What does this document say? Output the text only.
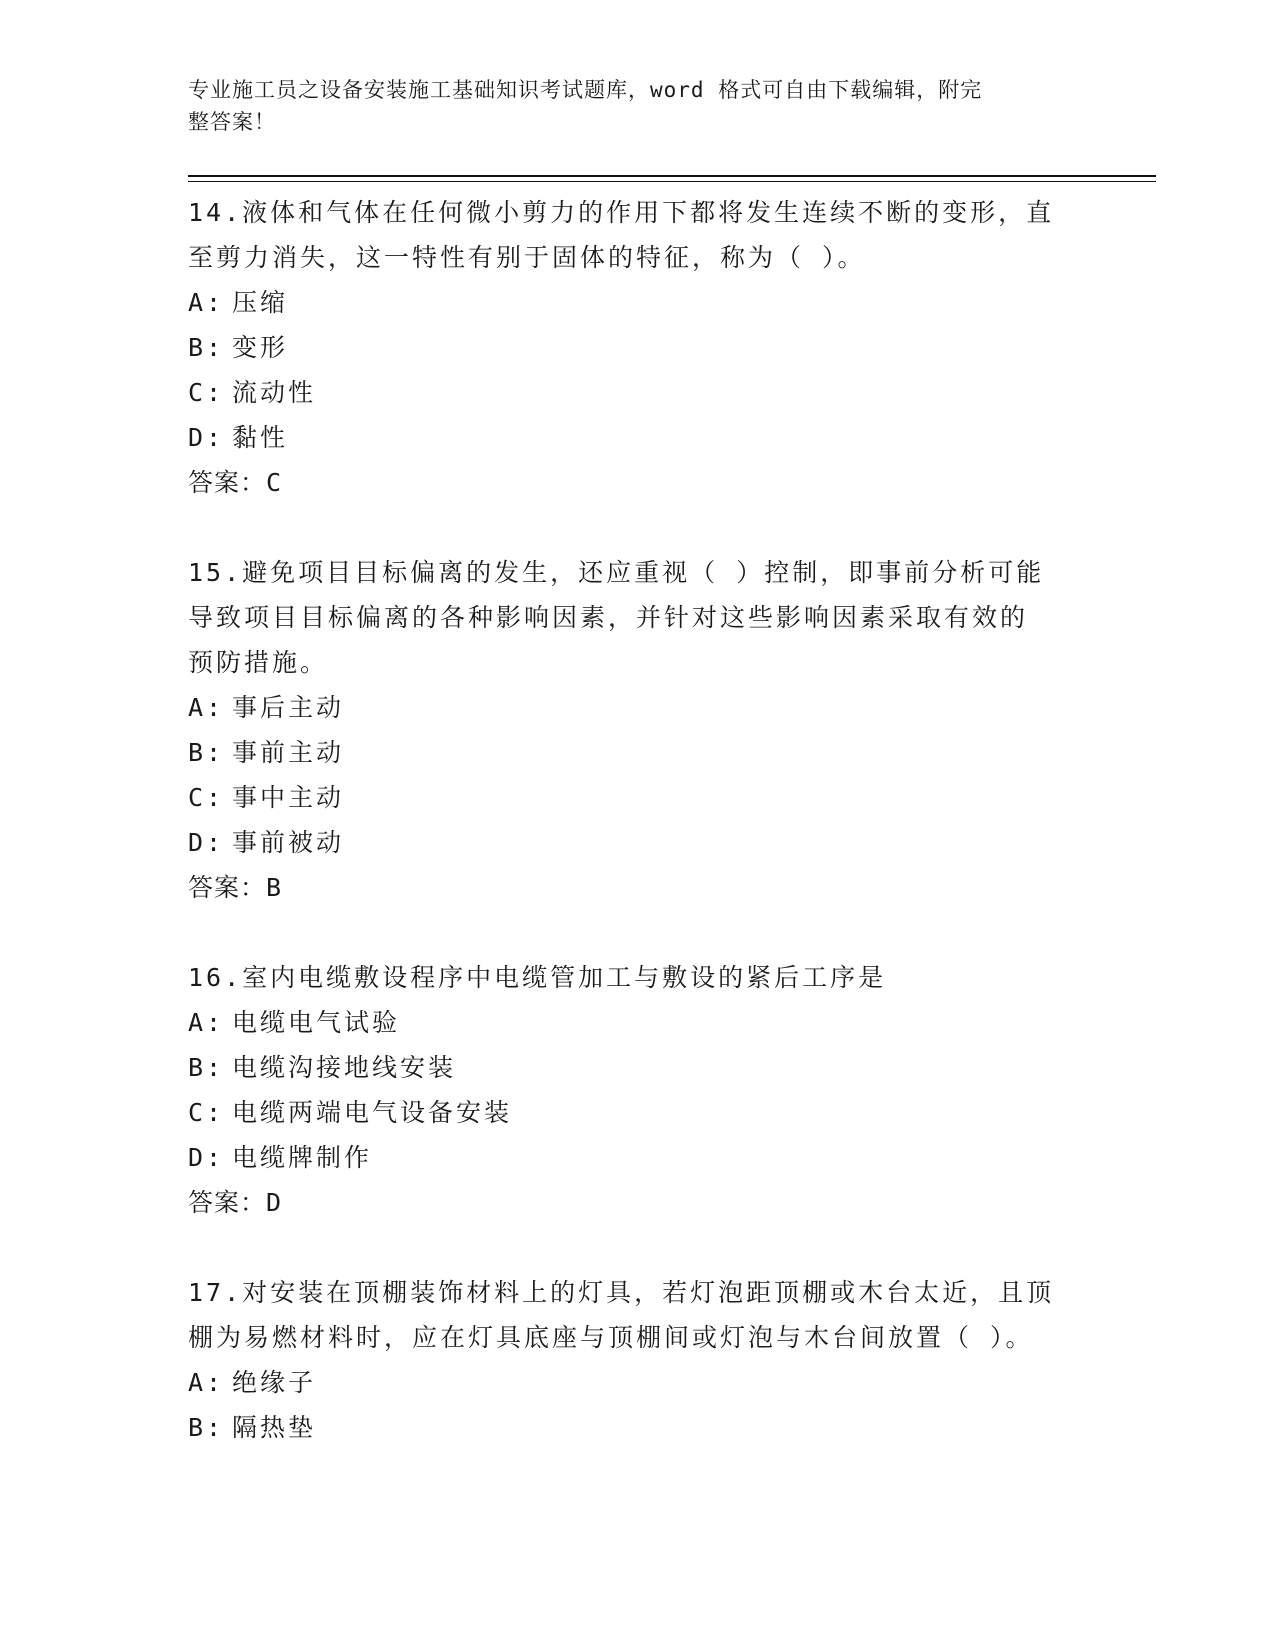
专业施工员之设备安装施工基础知识考试题库，word 格式可自由下载编辑，附完
整答案！

14.液体和气体在任何微小剪力的作用下都将发生连续不断的变形，直

至剪力消失，这一特性有别于固体的特征，称为（ ）。

A: 压缩

B: 变形

C: 流动性

D: 黏性

答案：C

15.避免项目目标偏离的发生，还应重视（ ）控制，即事前分析可能

导致项目目标偏离的各种影响因素，并针对这些影响因素采取有效的

预防措施。

A: 事后主动

B: 事前主动

C: 事中主动

D: 事前被动

答案：B

16.室内电缆敷设程序中电缆管加工与敷设的紧后工序是

A: 电缆电气试验

B: 电缆沟接地线安装

C: 电缆两端电气设备安装

D: 电缆牌制作

答案：D

17.对安装在顶棚装饰材料上的灯具，若灯泡距顶棚或木台太近，且顶

棚为易燃材料时，应在灯具底座与顶棚间或灯泡与木台间放置（ ）。

A: 绝缘子

B: 隔热垫
